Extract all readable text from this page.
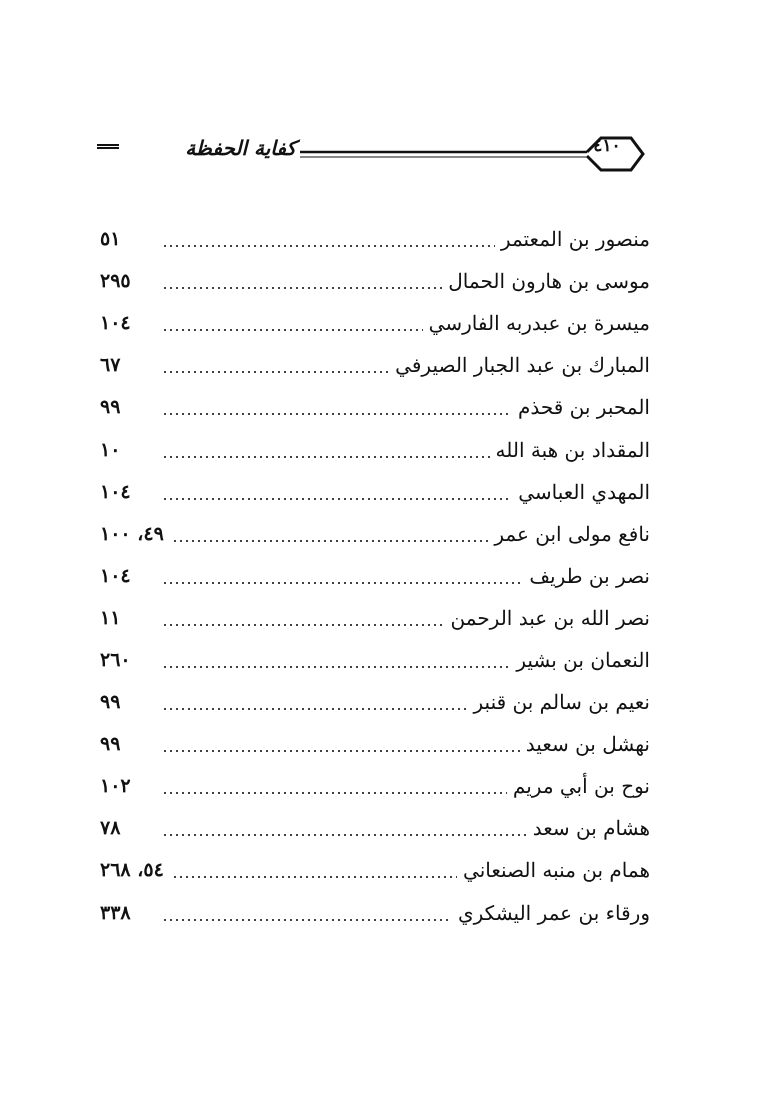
كفاية الحفظة	٤١٠
منصور بن المعتمر
٥١
موسى بن هارون الحمال
٢٩٥
ميسرة بن عبدربه الفارسي
١٠٤
المبارك بن عبد الجبار الصيرفي
٦٧
المحبر بن قحذم
٩٩
المقداد بن هبة الله
١٠
المهدي العباسي
١٠٤
نافع مولى ابن عمر
٤٩، ١٠٠
نصر بن طريف
١٠٤
نصر الله بن عبد الرحمن
١١
النعمان بن بشير
٢٦٠
نعيم بن سالم بن قنبر
٩٩
نهشل بن سعيد
٩٩
نوح بن أبي مريم
١٠٢
هشام بن سعد
٧٨
همام بن منبه الصنعاني
٥٤، ٢٦٨
ورقاء بن عمر اليشكري
٣٣٨
